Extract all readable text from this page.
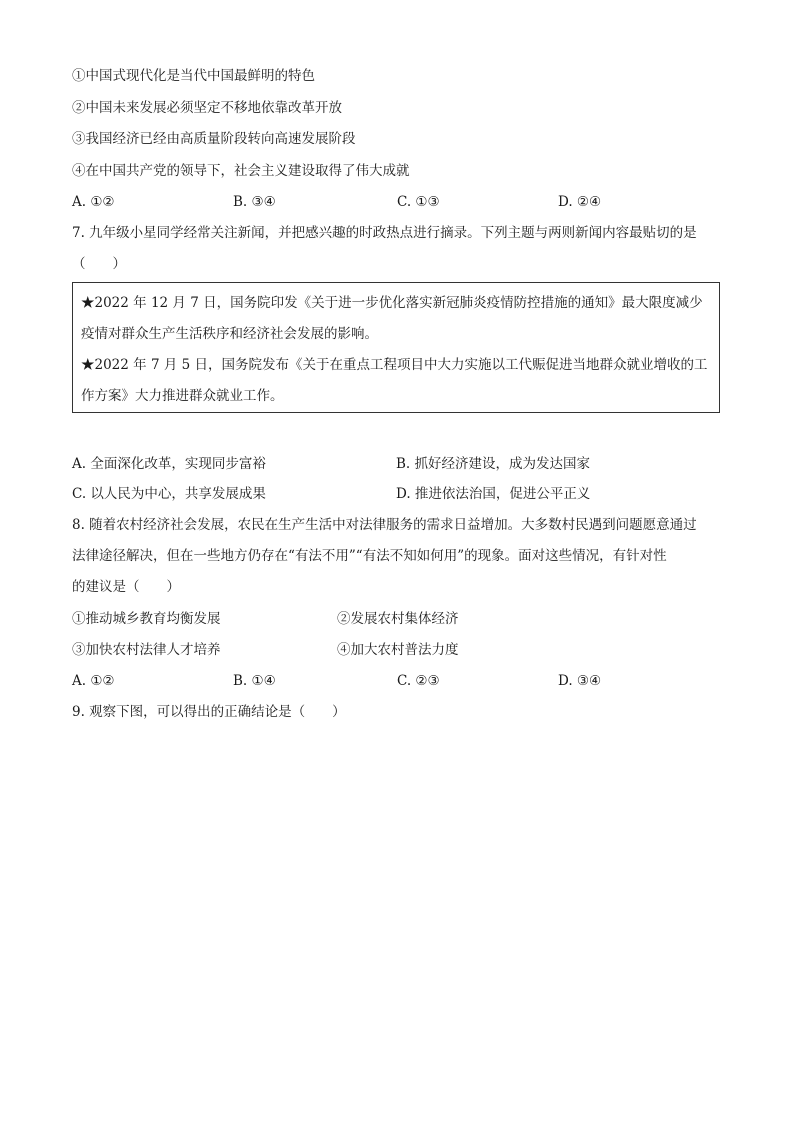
①中国式现代化是当代中国最鲜明的特色
②中国未来发展必须坚定不移地依靠改革开放
③我国经济已经由高质量阶段转向高速发展阶段
④在中国共产党的领导下，社会主义建设取得了伟大成就
A. ①②	B. ③④	C. ①③	D. ②④
7. 九年级小星同学经常关注新闻，并把感兴趣的时政热点进行摘录。下列主题与两则新闻内容最贴切的是
（　　）
★2022 年 12 月 7 日，国务院印发《关于进一步优化落实新冠肺炎疫情防控措施的通知》最大限度减少
疫情对群众生产生活秩序和经济社会发展的影响。
★2022 年 7 月 5 日，国务院发布《关于在重点工程项目中大力实施以工代赈促进当地群众就业增收的工
作方案》大力推进群众就业工作。
A. 全面深化改革，实现同步富裕	B. 抓好经济建设，成为发达国家
C. 以人民为中心，共享发展成果	D. 推进依法治国，促进公平正义
8. 随着农村经济社会发展，农民在生产生活中对法律服务的需求日益增加。大多数村民遇到问题愿意通过
法律途径解决，但在一些地方仍存在“有法不用”“有法不知如何用”的现象。面对这些情况，有针对性
的建议是（　　）
①推动城乡教育均衡发展	②发展农村集体经济
③加快农村法律人才培养	④加大农村普法力度
A. ①②	B. ①④	C. ②③	D. ③④
9. 观察下图，可以得出的正确结论是（　　）
